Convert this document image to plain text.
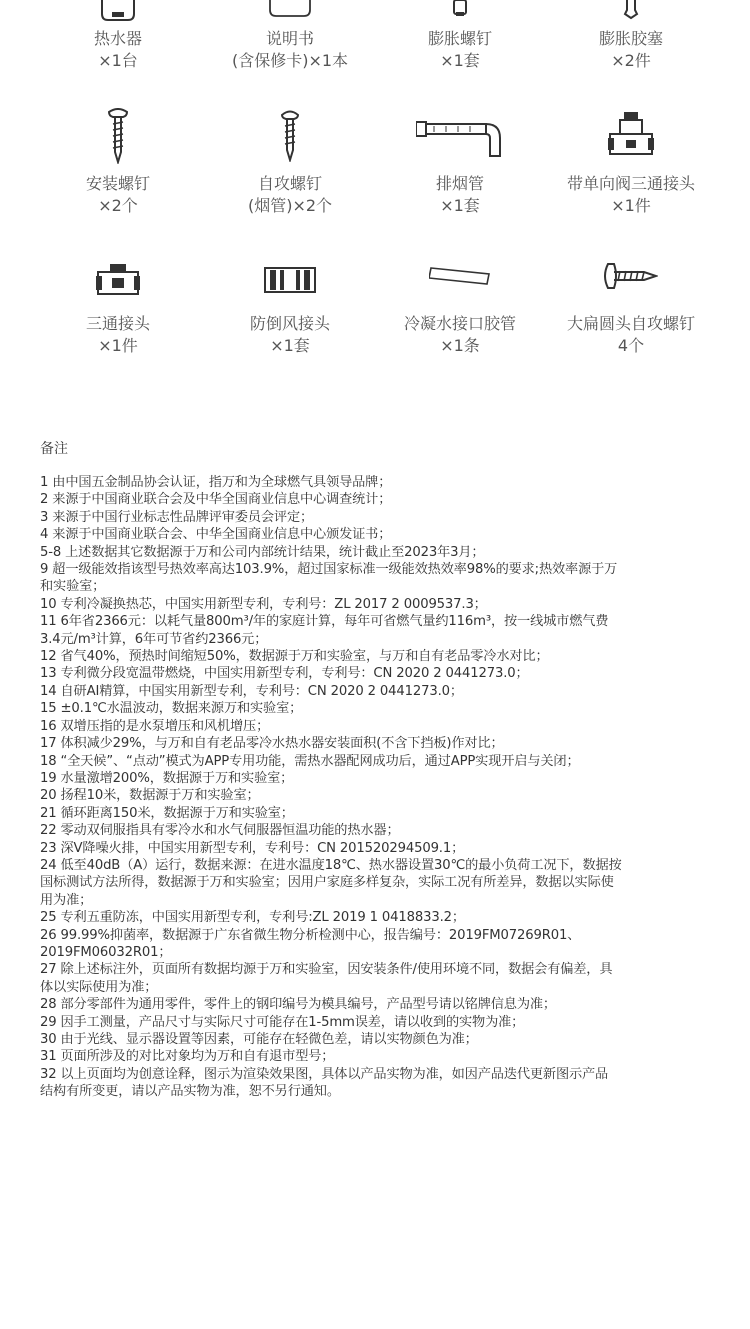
热水器
×1台
说明书
(含保修卡)×1本
膨胀螺钉
×1套
膨胀胶塞
×2件
安装螺钉
×2个
自攻螺钉
(烟管)×2个
排烟管
×1套
带单向阀三通接头
×1件
三通接头
×1件
防倒风接头
×1套
冷凝水接口胶管
×1条
大扁圆头自攻螺钉
4个
备注
1 由中国五金制品协会认证，指万和为全球燃气具领导品牌；
2 来源于中国商业联合会及中华全国商业信息中心调查统计；
3 来源于中国行业标志性品牌评审委员会评定；
4 来源于中国商业联合会、中华全国商业信息中心颁发证书；
5-8 上述数据其它数据源于万和公司内部统计结果，统计截止至2023年3月；
9 超一级能效指该型号热效率高达103.9%，超过国家标准一级能效热效率98%的要求;热效率源于万
和实验室；
10 专利冷凝换热芯，中国实用新型专利，专利号：ZL 2017 2 0009537.3；
11 6年省2366元：以耗气量800m³/年的家庭计算，每年可省燃气量约116m³，按一线城市燃气费
3.4元/m³计算，6年可节省约2366元；
12 省气40%，预热时间缩短50%，数据源于万和实验室，与万和自有老品零冷水对比；
13 专利微分段宽温带燃烧，中国实用新型专利，专利号：CN 2020 2 0441273.0；
14 自研AI精算，中国实用新型专利，专利号：CN 2020 2 0441273.0；
15 ±0.1℃水温波动，数据来源万和实验室；
16 双增压指的是水泵增压和风机增压；
17 体积减少29%，与万和自有老品零冷水热水器安装面积(不含下挡板)作对比；
18 “全天候”、“点动”模式为APP专用功能，需热水器配网成功后，通过APP实现开启与关闭；
19 水量激增200%，数据源于万和实验室；
20 扬程10米，数据源于万和实验室；
21 循环距离150米，数据源于万和实验室；
22 零动双伺服指具有零冷水和水气伺服器恒温功能的热水器；
23 深V降噪火排，中国实用新型专利，专利号：CN 201520294509.1；
24 低至40dB（A）运行，数据来源：在进水温度18℃、热水器设置30℃的最小负荷工况下，数据按
国标测试方法所得，数据源于万和实验室；因用户家庭多样复杂，实际工况有所差异，数据以实际使
用为准；
25 专利五重防冻，中国实用新型专利，专利号:ZL 2019 1 0418833.2；
26 99.99%抑菌率，数据源于广东省微生物分析检测中心，报告编号：2019FM07269R01、
2019FM06032R01；
27 除上述标注外，页面所有数据均源于万和实验室，因安装条件/使用环境不同，数据会有偏差，具
体以实际使用为准；
28 部分零部件为通用零件，零件上的钢印编号为模具编号，产品型号请以铭牌信息为准；
29 因手工测量，产品尺寸与实际尺寸可能存在1-5mm误差，请以收到的实物为准；
30 由于光线、显示器设置等因素，可能存在轻微色差，请以实物颜色为准；
31 页面所涉及的对比对象均为万和自有退市型号；
32 以上页面均为创意诠释，图示为渲染效果图，具体以产品实物为准，如因产品迭代更新图示产品
结构有所变更，请以产品实物为准，恕不另行通知。
